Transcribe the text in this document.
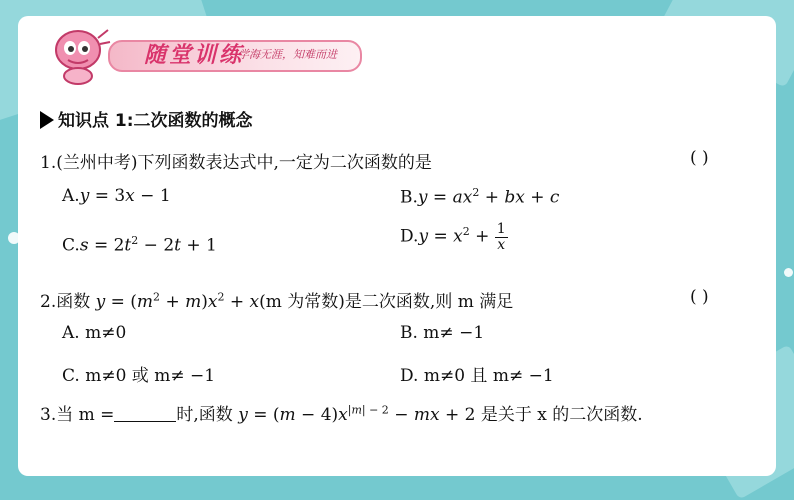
随堂训练
学海无涯，知难而进
知识点 1:二次函数的概念
1.(兰州中考)下列函数表达式中,一定为二次函数的是	( )
A.y = 3x − 1	$B.y = ax^2$ + bx + c
$C.s = 2t^2 - 2t + 1$	$D.y = x^2 + \frac{1}{x}$
2.函数 $y = (m^2 + m)x^2 + x(m$ 为常数)是二次函数,则 m 满足	( )
A. m≠0	B. m≠ −1
C. m≠0 或 m≠ −1	D. m≠0 且 m≠ −1
3.当 m =	时,函数 $y = (m - 4)x^{|m| - 2}$ − mx + 2 是关于 x 的二次函数.
